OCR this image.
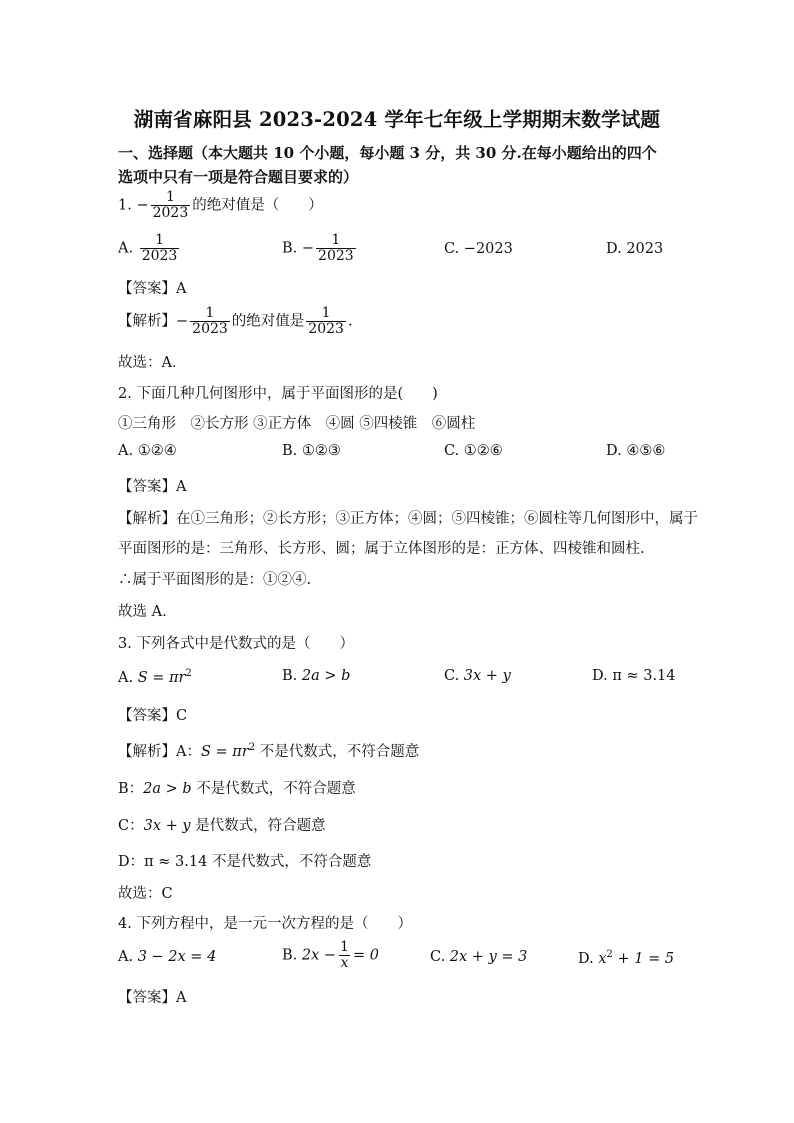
湖南省麻阳县 2023-2024 学年七年级上学期期末数学试题
一、选择题（本大题共 10 个小题，每小题 3 分，共 30 分.在每小题给出的四个
选项中只有一项是符合题目要求的）
1. − $\frac{1}{2023}$ 的绝对值是（　　）
A. $\frac{1}{2023}$	B. − $\frac{1}{2023}$	C. −2023	D. 2023
【答案】A
【解析】− $\frac{1}{2023}$ 的绝对值是 $\frac{1}{2023}$ .
故选：A．
2. 下面几种几何图形中，属于平面图形的是(　　)
①三角形　②长方形 ③正方体　④圆 ⑤四棱锥　⑥圆柱
A. ①②④	B. ①②③	C. ①②⑥	D. ④⑤⑥
【答案】A
【解析】在①三角形；②长方形；③正方体；④圆；⑤四棱锥；⑥圆柱等几何图形中，属于
平面图形的是：三角形、长方形、圆；属于立体图形的是：正方体、四棱锥和圆柱.
∴属于平面图形的是：①②④.
故选 A.
3. 下列各式中是代数式的是（　　）
A. $S = \pi r^2$	B. 2a > b	C. 3x + y	D. π ≈ 3.14
【答案】C
【解析】A：$S = \pi r^2$ 不是代数式，不符合题意
B：2a > b 不是代数式，不符合题意
C：3x + y 是代数式，符合题意
D：π ≈ 3.14 不是代数式，不符合题意
故选：C
4. 下列方程中，是一元一次方程的是（　　）
A. 3 − 2x = 4	B. $2x - \frac{1}{x} = 0$	C. 2x + y = 3	D. $x^2 + 1 = 5$
【答案】A
